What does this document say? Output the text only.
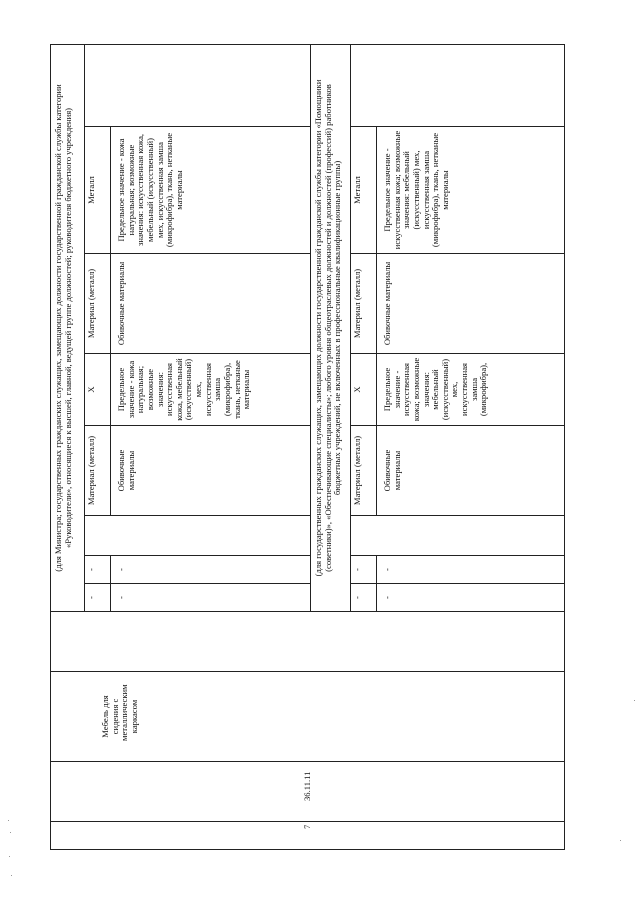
7	36.11.11	Мебель для сидения с металлическим каркасом		(для Министра; государственных гражданских служащих, замещающих должности государственной гражданской службы категории «Руководители», относящиеся к высшей, главной, ведущей группе должностей; руководителя бюджетного учреждения)							
				-	-		Материал (металл)	Х	Материал (металл)	Металл	
				-	-		Обивочные материалы	Предельное значение - кожа натуральная; возможные значения: искусственная кожа, мебельный (искусственный) мех, искусственная замша (микрофибра), ткань, нетканые материалы	Обивочные материалы	Предельное значение - кожа натуральная; возможные значения: искусственная кожа, мебельный (искусственный) мех, искусственная замша (микрофибра), ткань, нетканые материалы	
				(для государственных гражданских служащих, замещающих должности государственной гражданской службы категории «Помощники (советники)», «Обеспечивающие специалисты»; любого уровня общеотраслевых должностей и должностей (профессий) работников бюджетных учреждений, не включенных в профессиональные квалификационные группы)							
				-	-		Материал (металл)	Х	Материал (металл)	Металл	
				-	-		Обивочные материалы	Предельное значение - искусственная кожа; возможные значения: мебельный (искусственный) мех, искусственная замша (микрофибра),	Обивочные материалы	Предельное значение - искусственная кожа; возможные значения: мебельный (искусственный) мех, искусственная замша (микрофибра), ткань, нетканые материалы	
